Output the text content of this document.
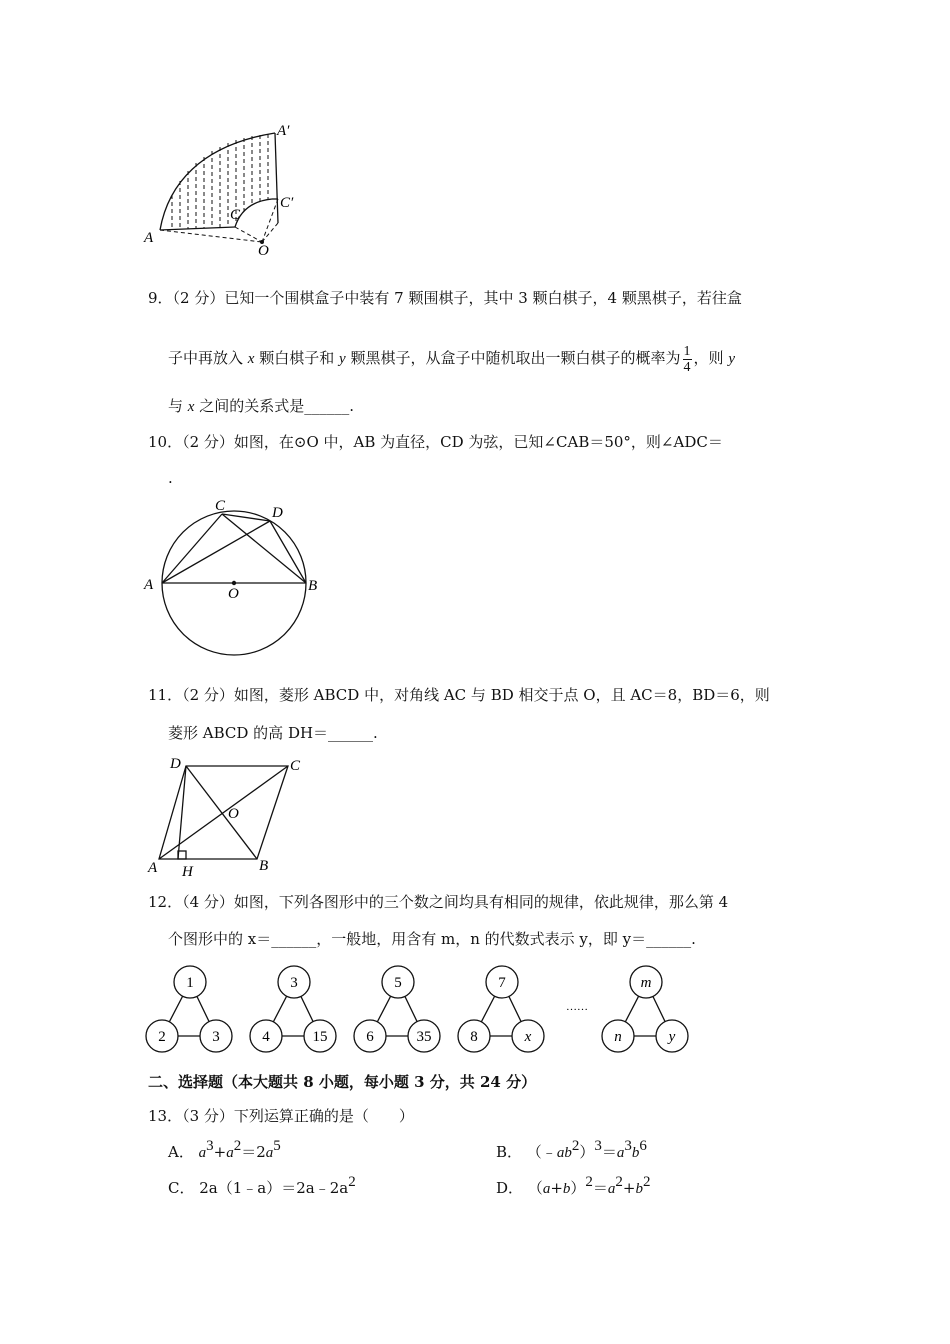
A
A′
C
C′
O
9．（2 分）已知一个围棋盒子中装有 7 颗围棋子，其中 3 颗白棋子，4 颗黑棋子，若往盒
子中再放入 x 颗白棋子和 y 颗黑棋子，从盒子中随机取出一颗白棋子的概率为 $\frac{1}{4}$ ，则 y
与 x 之间的关系式是______.
10．（2 分）如图，在⊙O 中，AB 为直径，CD 为弦，已知∠CAB＝50°，则∠ADC＝
.
A	B
C	D
O
11．（2 分）如图，菱形 ABCD 中，对角线 AC 与 BD 相交于点 O，且 AC＝8，BD＝6，则
菱形 ABCD 的高 DH＝______.
A	B
C
D
O
H
12．（4 分）如图，下列各图形中的三个数之间均具有相同的规律，依此规律，那么第 4
个图形中的 x＝______，一般地，用含有 m，n 的代数式表示 y，即 y＝______.
1
2	3
3
4	15
5
6	35
7
8	x
m
n	y
……
二、选择题（本大题共 8 小题，每小题 3 分，共 24 分）
13．（3 分）下列运算正确的是（　　）
A． $a^3+a^2=2a^5$	B． $(﹣ab^2)^3=a^3b^6$
C． $2a(1﹣a)=2a﹣2a^2$	D． $(a+b)^2=a^2+b^2$
